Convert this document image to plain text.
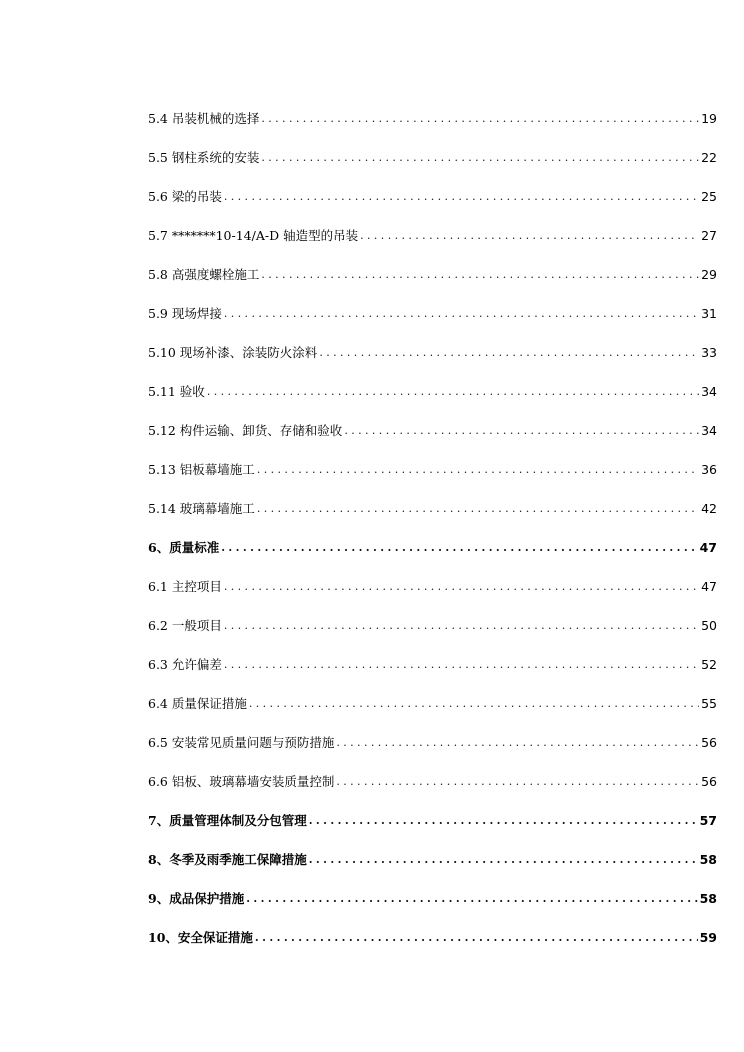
5.4 吊装机械的选择 .....	19
5.5 钢柱系统的安装 .....	22
5.6 梁的吊装 .....	25
5.7 *******10-14/A-D 轴造型的吊装 .....	27
5.8 高强度螺栓施工 .....	29
5.9 现场焊接 .....	31
5.10 现场补漆、涂装防火涂料 .....	33
5.11 验收 .....	34
5.12 构件运输、卸货、存储和验收 .....	34
5.13 铝板幕墙施工 .....	36
5.14 玻璃幕墙施工 .....	42
6、质量标准 .....	47
6.1 主控项目 .....	47
6.2 一般项目 .....	50
6.3 允许偏差 .....	52
6.4 质量保证措施 .....	55
6.5 安装常见质量问题与预防措施 .....	56
6.6 铝板、玻璃幕墙安装质量控制 .....	56
7、质量管理体制及分包管理 .....	57
8、冬季及雨季施工保障措施 .....	58
9、成品保护措施 .....	58
10、安全保证措施 .....	59
